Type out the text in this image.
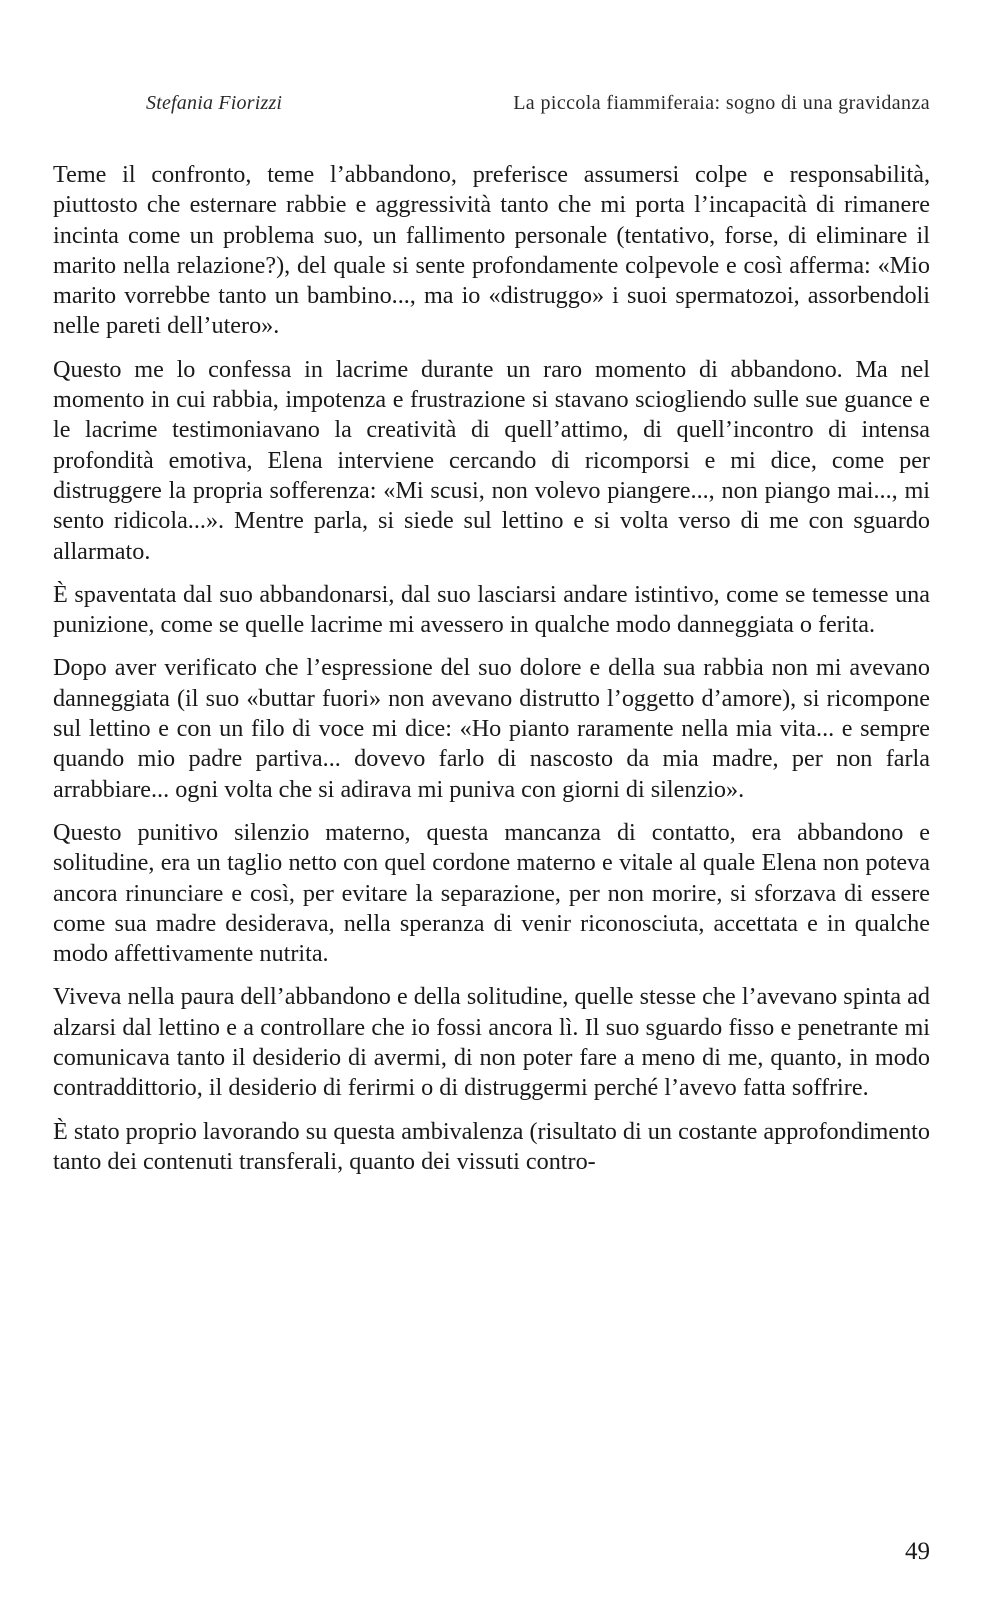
Stefania Fiorizzi	La piccola fiammiferaia: sogno di una gravidanza

Teme il confronto, teme l’abbandono, preferisce assumersi colpe e responsabilità, piuttosto che esternare rabbie e aggressività tanto che mi porta l’incapacità di rimanere incinta come un problema suo, un fallimento personale (tentativo, forse, di eliminare il marito nella relazione?), del quale si sente profondamente colpevole e così afferma: «Mio marito vorrebbe tanto un bambino..., ma io «distruggo» i suoi spermatozoi, assorbendoli nelle pareti dell’utero».

Questo me lo confessa in lacrime durante un raro momento di abbandono. Ma nel momento in cui rabbia, impotenza e frustrazione si stavano sciogliendo sulle sue guance e le lacrime testimoniavano la creatività di quell’attimo, di quell’incontro di intensa profondità emotiva, Elena interviene cercando di ricomporsi e mi dice, come per distruggere la propria sofferenza: «Mi scusi, non volevo piangere..., non piango mai..., mi sento ridicola...». Mentre parla, si siede sul lettino e si volta verso di me con sguardo allarmato.

È spaventata dal suo abbandonarsi, dal suo lasciarsi andare istintivo, come se temesse una punizione, come se quelle lacrime mi avessero in qualche modo danneggiata o ferita.

Dopo aver verificato che l’espressione del suo dolore e della sua rabbia non mi avevano danneggiata (il suo «buttar fuori» non avevano distrutto l’oggetto d’amore), si ricompone sul lettino e con un filo di voce mi dice: «Ho pianto raramente nella mia vita... e sempre quando mio padre partiva... dovevo farlo di nascosto da mia madre, per non farla arrabbiare... ogni volta che si adirava mi puniva con giorni di silenzio».

Questo punitivo silenzio materno, questa mancanza di contatto, era abbandono e solitudine, era un taglio netto con quel cordone materno e vitale al quale Elena non poteva ancora rinunciare e così, per evitare la separazione, per non morire, si sforzava di essere come sua madre desiderava, nella speranza di venir riconosciuta, accettata e in qualche modo affettivamente nutrita.

Viveva nella paura dell’abbandono e della solitudine, quelle stesse che l’avevano spinta ad alzarsi dal lettino e a controllare che io fossi ancora lì. Il suo sguardo fisso e penetrante mi comunicava tanto il desiderio di avermi, di non poter fare a meno di me, quanto, in modo contraddittorio, il desiderio di ferirmi o di distruggermi perché l’avevo fatta soffrire.

È stato proprio lavorando su questa ambivalenza (risultato di un costante approfondimento tanto dei contenuti transferali, quanto dei vissuti contro-

49
